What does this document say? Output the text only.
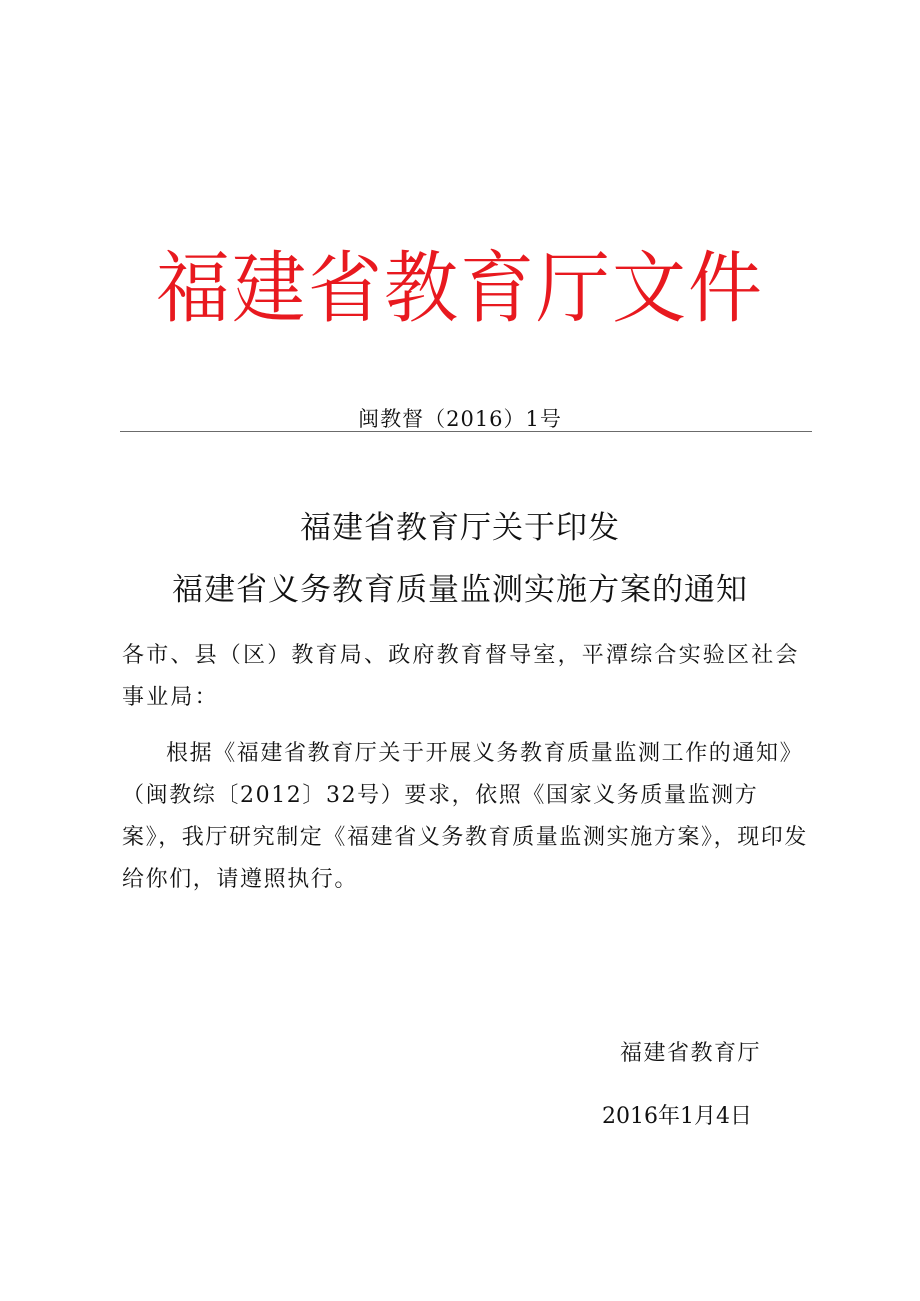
福建省教育厅文件
闽教督（2016）1号
福建省教育厅关于印发
福建省义务教育质量监测实施方案的通知
各市、县（区）教育局、政府教育督导室，平潭综合实验区社会事业局：
根据《福建省教育厅关于开展义务教育质量监测工作的通知》（闽教综〔2012〕32号）要求，依照《国家义务质量监测方案》，我厅研究制定《福建省义务教育质量监测实施方案》，现印发给你们，请遵照执行。
福建省教育厅
2016年1月4日
